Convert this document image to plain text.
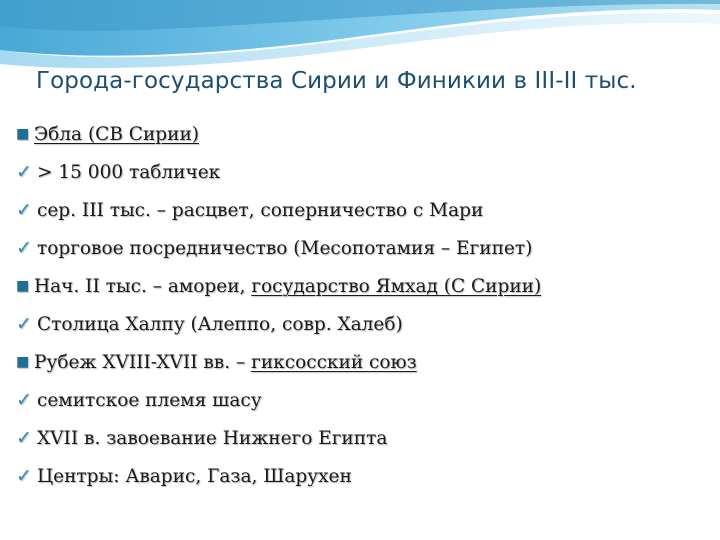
Города-государства Сирии и Финикии в III-II тыс.
■ Эбла (СВ Сирии)
✓ > 15 000 табличек
✓ сер. III тыс. – расцвет, соперничество с Мари
✓ торговое посредничество (Месопотамия – Египет)
■ Нач. II тыс. – амореи, государство Ямхад (С Сирии)
✓ Столица Халпу (Алеппо, совр. Халеб)
■ Рубеж XVIII-XVII вв. – гиксосский союз
✓ семитское племя шасу
✓ XVII в. завоевание Нижнего Египта
✓ Центры: Аварис, Газа, Шарухен
